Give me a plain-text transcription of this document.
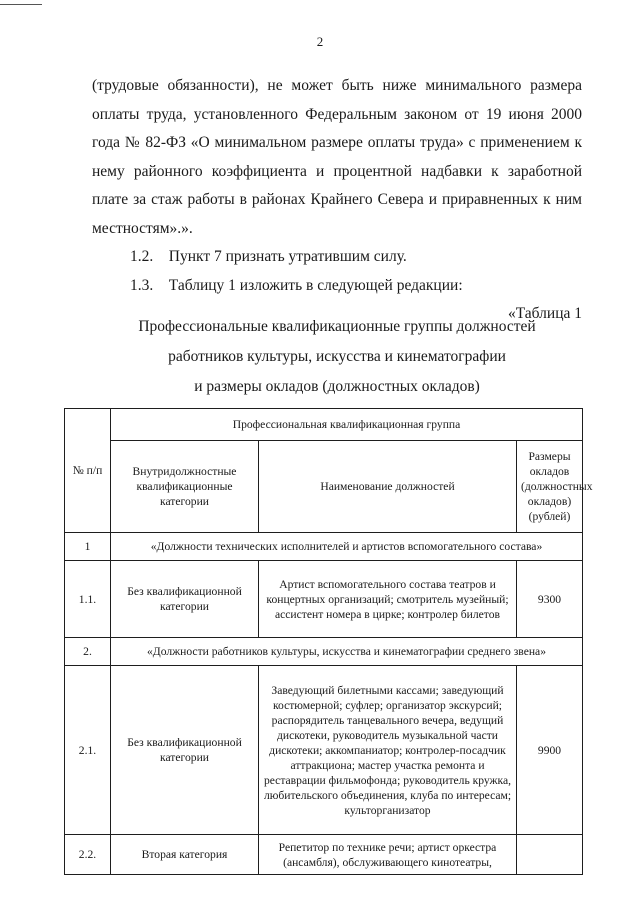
2

(трудовые обязанности), не может быть ниже минимального размера оплаты труда, установленного Федеральным законом от 19 июня 2000 года № 82-ФЗ «О минимальном размере оплаты труда» с применением к нему районного коэффициента и процентной надбавки к заработной плате за стаж работы в районах Крайнего Севера и приравненных к ним местностям».».

1.2. Пункт 7 признать утратившим силу.

1.3. Таблицу 1 изложить в следующей редакции:

«Таблица 1

Профессиональные квалификационные группы должностей
работников культуры, искусства и кинематографии
и размеры окладов (должностных окладов)
№ п/п	Профессиональная квалификационная группа		
	Внутридолжностные квалификационные категории	Наименование должностей	Размеры окладов (должностных окладов) (рублей)
1	«Должности технических исполнителей и артистов вспомогательного состава»		
1.1.	Без квалификационной категории	Артист вспомогательного состава театров и концертных организаций; смотритель музейный; ассистент номера в цирке; контролер билетов	9300
2.	«Должности работников культуры, искусства и кинематографии среднего звена»		
2.1.	Без квалификационной категории	Заведующий билетными кассами; заведующий костюмерной; суфлер; организатор экскурсий; распорядитель танцевального вечера, ведущий дискотеки, руководитель музыкальной части дискотеки; аккомпаниатор; контролер-посадчик аттракциона; мастер участка ремонта и реставрации фильмофонда; руководитель кружка, любительского объединения, клуба по интересам; культорганизатор	9900
2.2.	Вторая категория	Репетитор по технике речи; артист оркестра (ансамбля), обслуживающего кинотеатры,	
